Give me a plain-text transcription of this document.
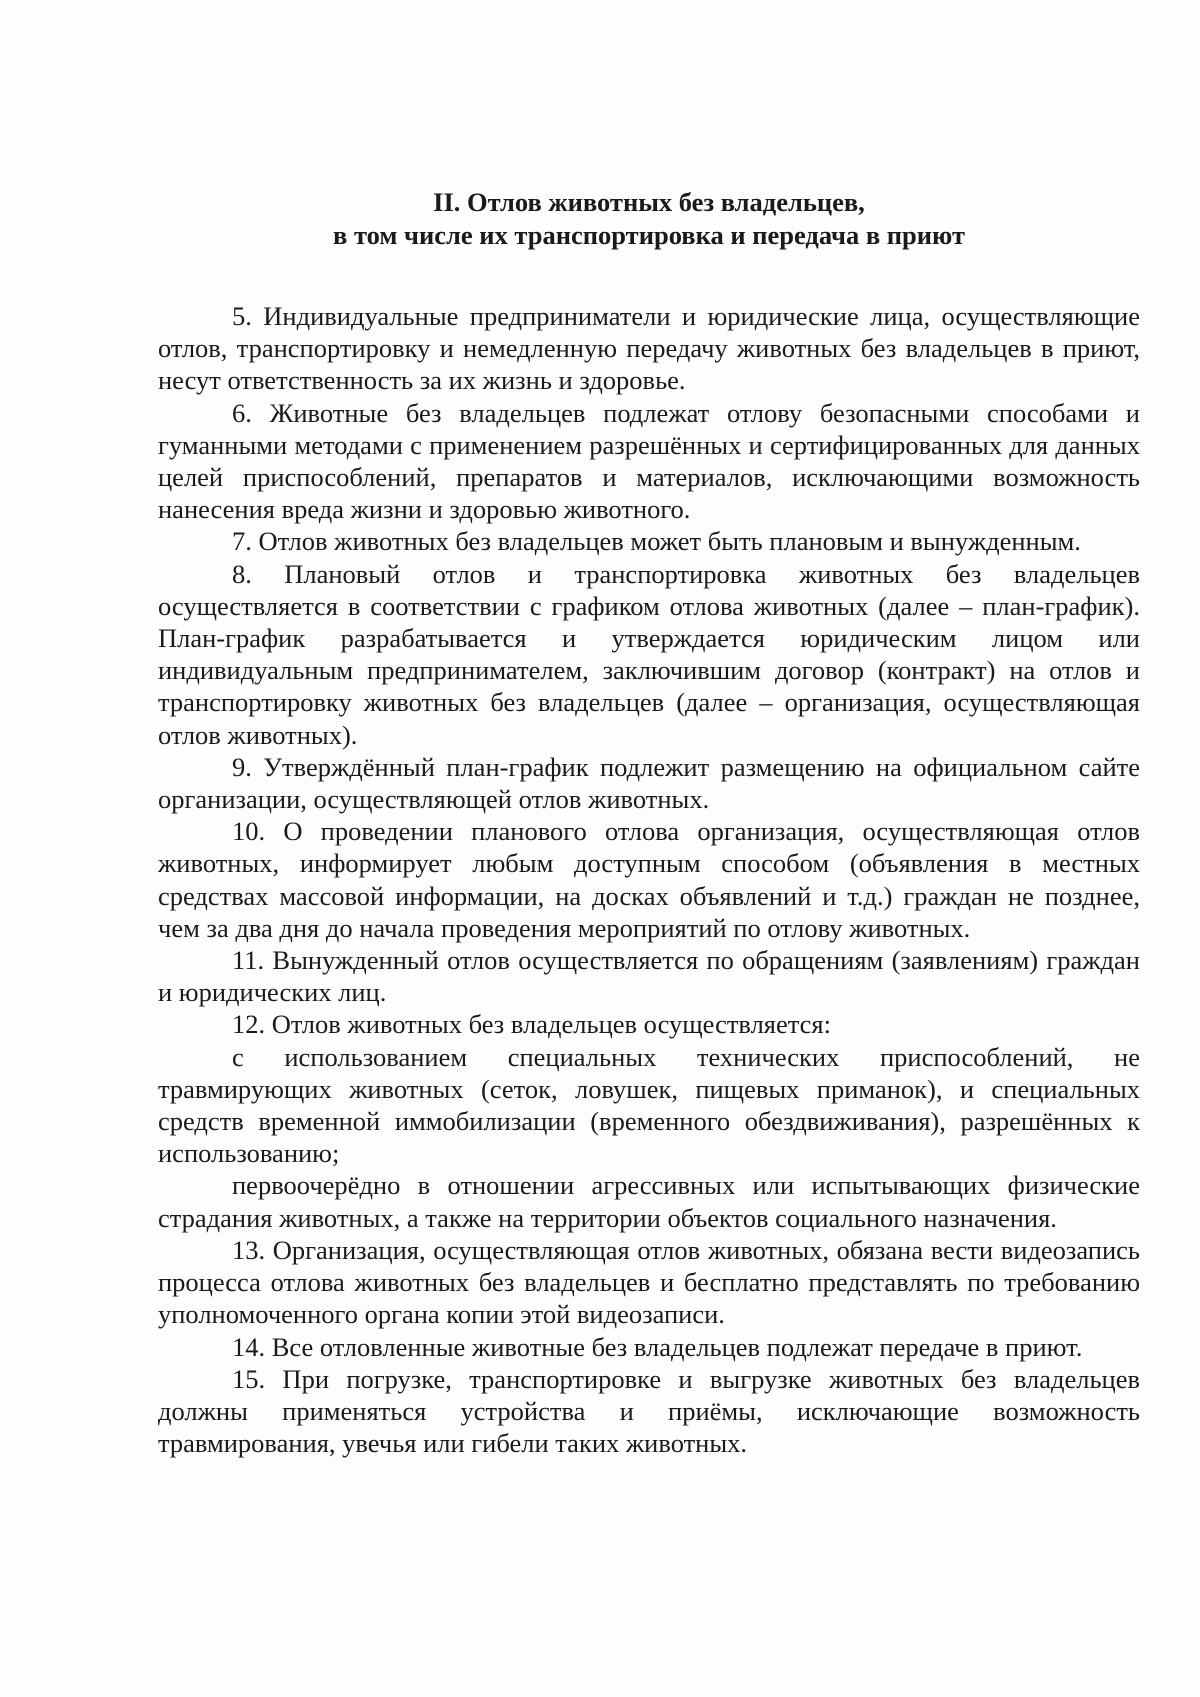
II. Отлов животных без владельцев,
в том числе их транспортировка и передача в приют

5. Индивидуальные предприниматели и юридические лица, осуществляющие отлов, транспортировку и немедленную передачу животных без владельцев в приют, несут ответственность за их жизнь и здоровье.

6. Животные без владельцев подлежат отлову безопасными способами и гуманными методами с применением разрешённых и сертифицированных для данных целей приспособлений, препаратов и материалов, исключающими возможность нанесения вреда жизни и здоровью животного.

7. Отлов животных без владельцев может быть плановым и вынужденным.

8. Плановый отлов и транспортировка животных без владельцев осуществляется в соответствии с графиком отлова животных (далее – план-график). План-график разрабатывается и утверждается юридическим лицом или индивидуальным предпринимателем, заключившим договор (контракт) на отлов и транспортировку животных без владельцев (далее – организация, осуществляющая отлов животных).

9. Утверждённый план-график подлежит размещению на официальном сайте организации, осуществляющей отлов животных.

10. О проведении планового отлова организация, осуществляющая отлов животных, информирует любым доступным способом (объявления в местных средствах массовой информации, на досках объявлений и т.д.) граждан не позднее, чем за два дня до начала проведения мероприятий по отлову животных.

11. Вынужденный отлов осуществляется по обращениям (заявлениям) граждан и юридических лиц.

12. Отлов животных без владельцев осуществляется:

с использованием специальных технических приспособлений, не травмирующих животных (сеток, ловушек, пищевых приманок), и специальных средств временной иммобилизации (временного обездвиживания), разрешённых к использованию;

первоочерёдно в отношении агрессивных или испытывающих физические страдания животных, а также на территории объектов социального назначения.

13. Организация, осуществляющая отлов животных, обязана вести видеозапись процесса отлова животных без владельцев и бесплатно представлять по требованию уполномоченного органа копии этой видеозаписи.

14. Все отловленные животные без владельцев подлежат передаче в приют.

15. При погрузке, транспортировке и выгрузке животных без владельцев должны применяться устройства и приёмы, исключающие возможность травмирования, увечья или гибели таких животных.
